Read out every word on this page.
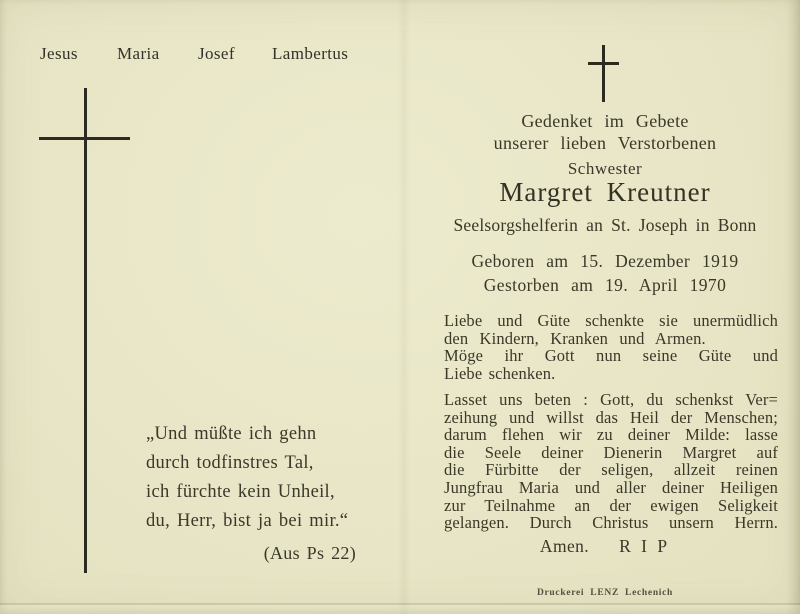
Jesus Maria Josef Lambertus
„Und müßte ich gehn
durch todfinstres Tal,
ich fürchte kein Unheil,
du, Herr, bist ja bei mir.“
(Aus Ps 22)
Gedenket im Gebete
unserer lieben Verstorbenen
Schwester
Margret Kreutner
Seelsorgshelferin an St. Joseph in Bonn
Geboren am 15. Dezember 1919
Gestorben am 19. April 1970
Liebe und Güte schenkte sie unermüdlich
den Kindern, Kranken und Armen.
Möge ihr Gott nun seine Güte und
Liebe schenken.
Lasset uns beten : Gott, du schenkst Ver=
zeihung und willst das Heil der Menschen;
darum flehen wir zu deiner Milde: lasse
die Seele deiner Dienerin Margret auf
die Fürbitte der seligen, allzeit reinen
Jungfrau Maria und aller deiner Heiligen
zur Teilnahme an der ewigen Seligkeit
gelangen. Durch Christus unsern Herrn.
Amen. R I P
Druckerei LENZ Lechenich
